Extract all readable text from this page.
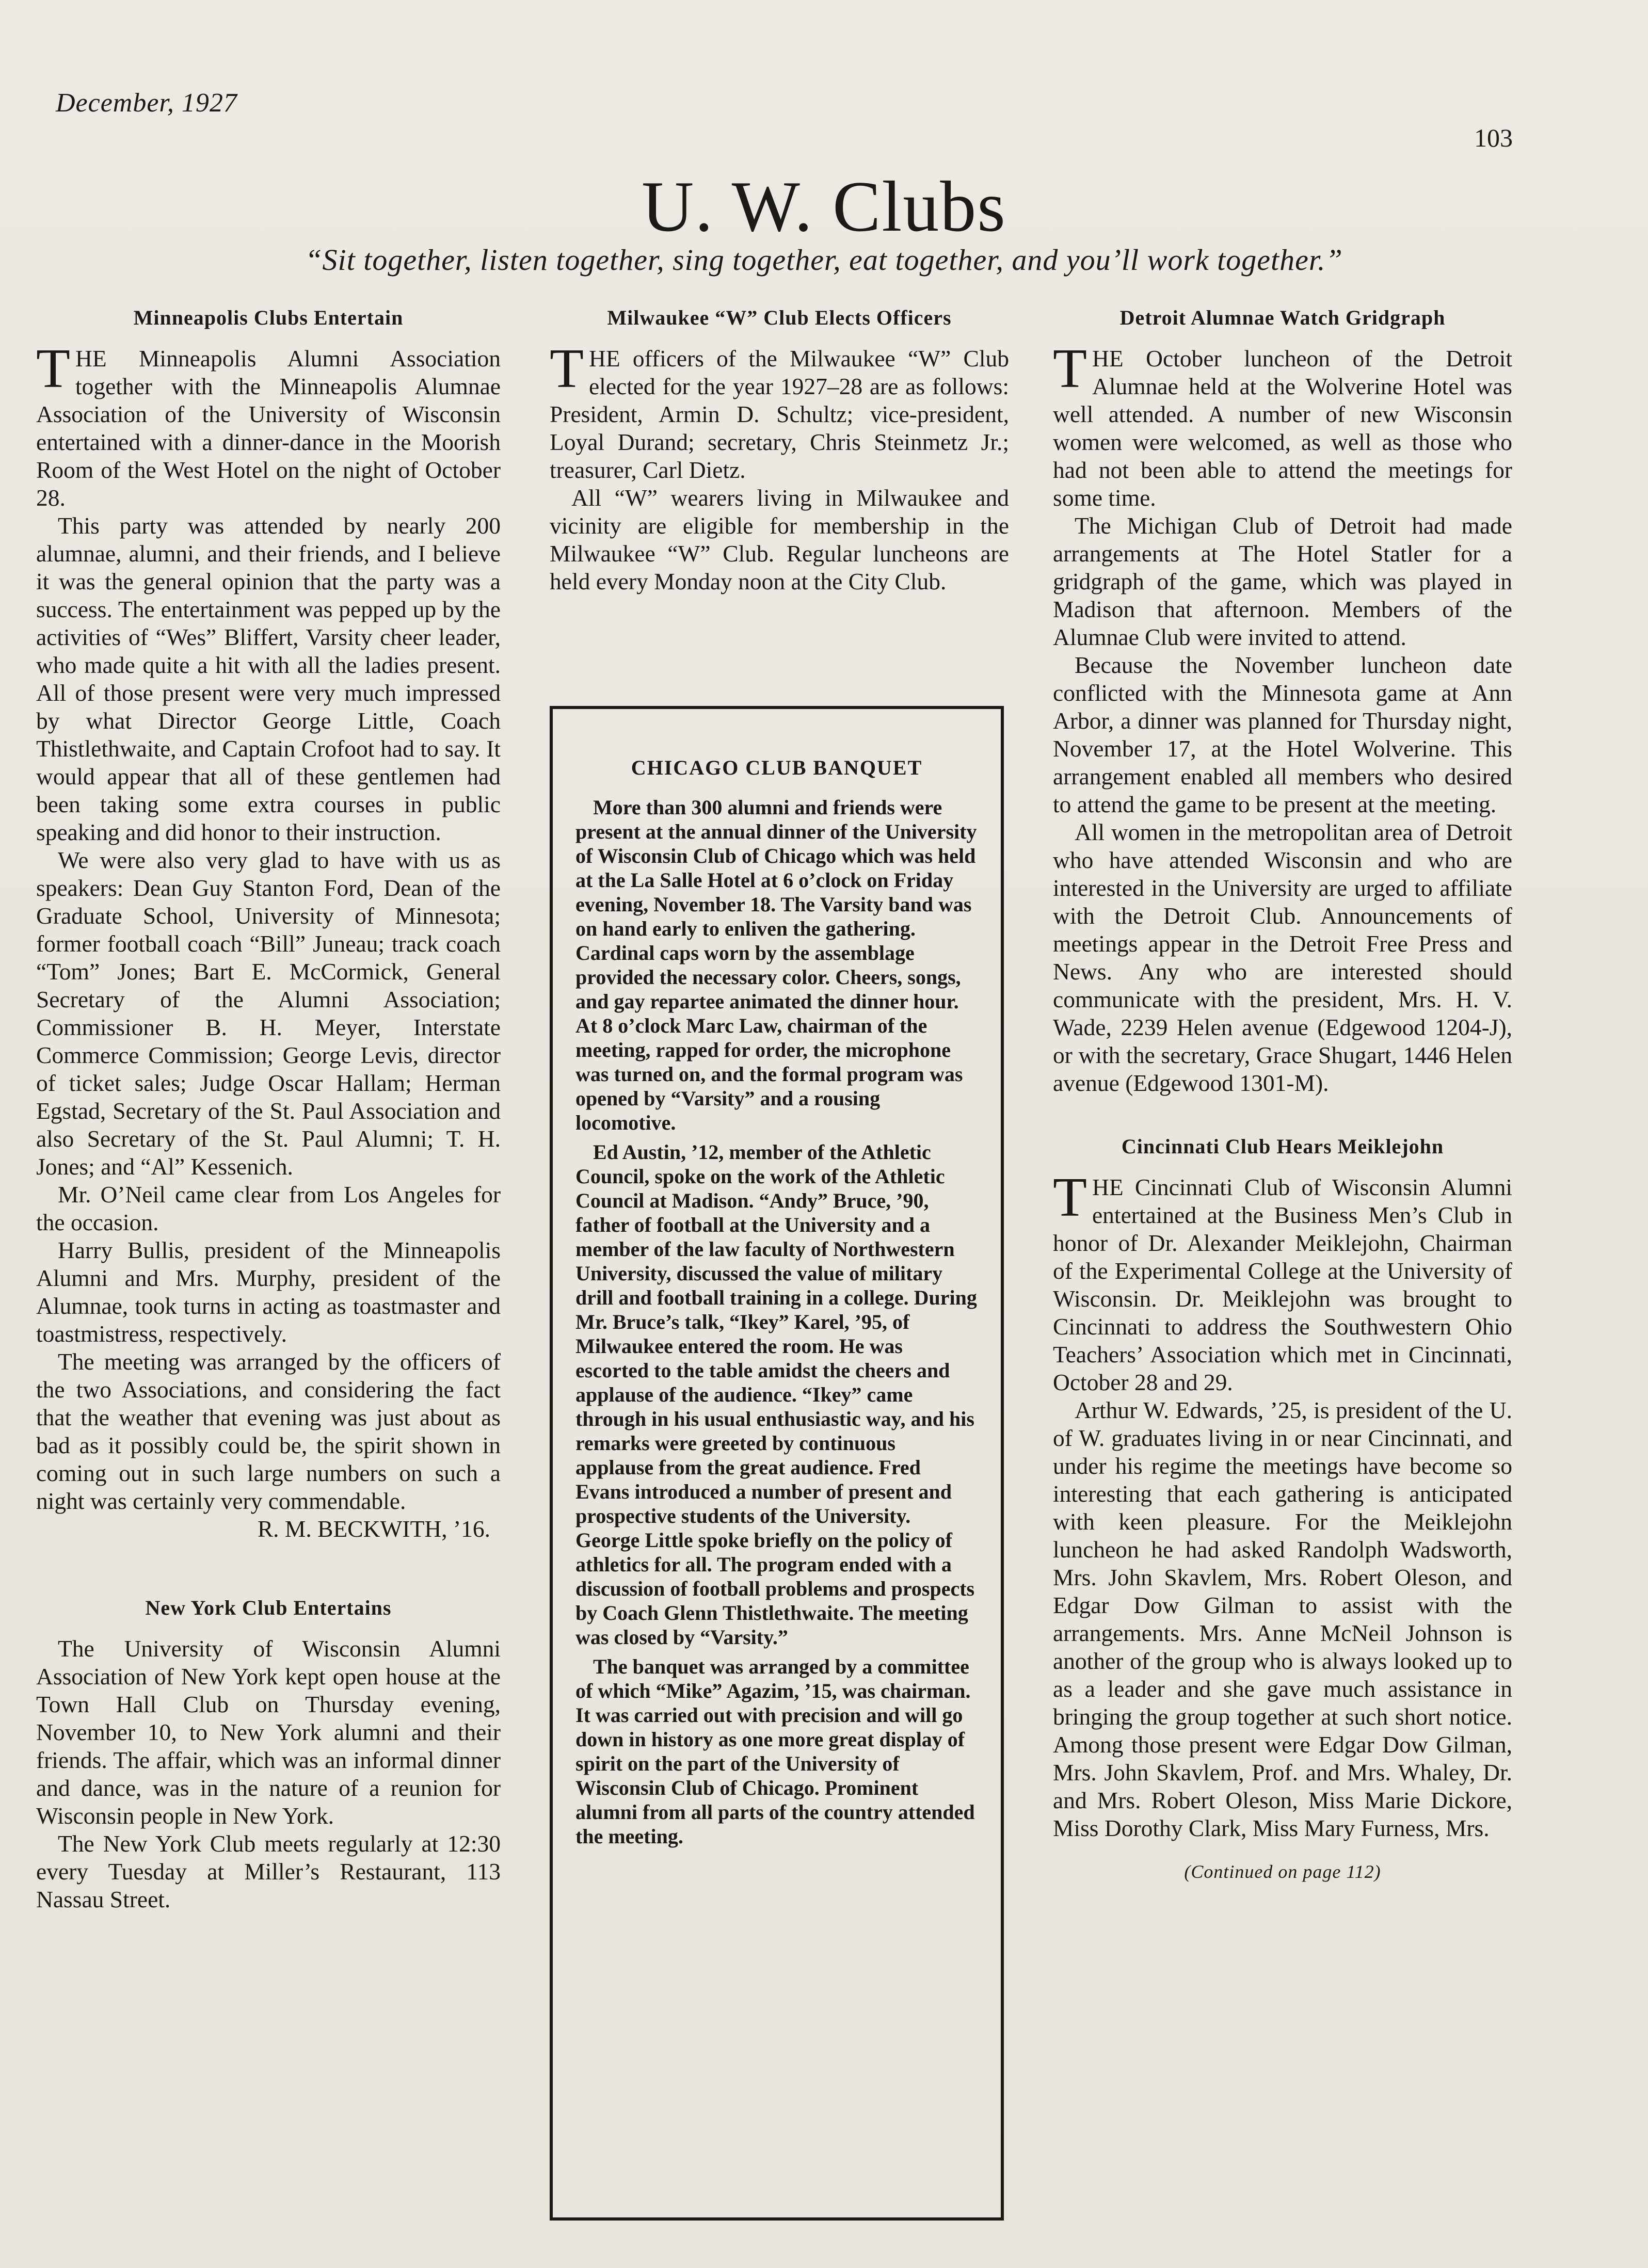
December, 1927
103
U. W. Clubs
“Sit together, listen together, sing together, eat together, and you’ll work together.”
Minneapolis Clubs Entertain

THE Minneapolis Alumni Association together with the Minneapolis Alumnae Association of the University of Wisconsin entertained with a dinner-dance in the Moorish Room of the West Hotel on the night of October 28.

This party was attended by nearly 200 alumnae, alumni, and their friends, and I believe it was the general opinion that the party was a success. The entertainment was pepped up by the activities of “Wes” Bliffert, Varsity cheer leader, who made quite a hit with all the ladies present. All of those present were very much impressed by what Director George Little, Coach Thistlethwaite, and Captain Crofoot had to say. It would appear that all of these gentlemen had been taking some extra courses in public speaking and did honor to their instruction.

We were also very glad to have with us as speakers: Dean Guy Stanton Ford, Dean of the Graduate School, University of Minnesota; former football coach “Bill” Juneau; track coach “Tom” Jones; Bart E. McCormick, General Secretary of the Alumni Association; Commissioner B. H. Meyer, Interstate Commerce Commission; George Levis, director of ticket sales; Judge Oscar Hallam; Herman Egstad, Secretary of the St. Paul Association and also Secretary of the St. Paul Alumni; T. H. Jones; and “Al” Kessenich.

Mr. O’Neil came clear from Los Angeles for the occasion.

Harry Bullis, president of the Minneapolis Alumni and Mrs. Murphy, president of the Alumnae, took turns in acting as toastmaster and toastmistress, respectively.

The meeting was arranged by the officers of the two Associations, and considering the fact that the weather that evening was just about as bad as it possibly could be, the spirit shown in coming out in such large numbers on such a night was certainly very commendable.

R. M. BECKWITH, ’16.

New York Club Entertains

The University of Wisconsin Alumni Association of New York kept open house at the Town Hall Club on Thursday evening, November 10, to New York alumni and their friends. The affair, which was an informal dinner and dance, was in the nature of a reunion for Wisconsin people in New York.

The New York Club meets regularly at 12:30 every Tuesday at Miller’s Restaurant, 113 Nassau Street.

Milwaukee “W” Club Elects Officers

THE officers of the Milwaukee “W” Club elected for the year 1927–28 are as follows: President, Armin D. Schultz; vice-president, Loyal Durand; secretary, Chris Steinmetz Jr.; treasurer, Carl Dietz.

All “W” wearers living in Milwaukee and vicinity are eligible for membership in the Milwaukee “W” Club. Regular luncheons are held every Monday noon at the City Club.

CHICAGO CLUB BANQUET

More than 300 alumni and friends were present at the annual dinner of the University of Wisconsin Club of Chicago which was held at the La Salle Hotel at 6 o’clock on Friday evening, November 18. The Varsity band was on hand early to enliven the gathering. Cardinal caps worn by the assemblage provided the necessary color. Cheers, songs, and gay repartee animated the dinner hour. At 8 o’clock Marc Law, chairman of the meeting, rapped for order, the microphone was turned on, and the formal program was opened by “Varsity” and a rousing locomotive.

Ed Austin, ’12, member of the Athletic Council, spoke on the work of the Athletic Council at Madison. “Andy” Bruce, ’90, father of football at the University and a member of the law faculty of Northwestern University, discussed the value of military drill and football training in a college. During Mr. Bruce’s talk, “Ikey” Karel, ’95, of Milwaukee entered the room. He was escorted to the table amidst the cheers and applause of the audience. “Ikey” came through in his usual enthusiastic way, and his remarks were greeted by continuous applause from the great audience. Fred Evans introduced a number of present and prospective students of the University. George Little spoke briefly on the policy of athletics for all. The program ended with a discussion of football problems and prospects by Coach Glenn Thistlethwaite. The meeting was closed by “Varsity.”

The banquet was arranged by a committee of which “Mike” Agazim, ’15, was chairman. It was carried out with precision and will go down in history as one more great display of spirit on the part of the University of Wisconsin Club of Chicago. Prominent alumni from all parts of the country attended the meeting.

Detroit Alumnae Watch Gridgraph

THE October luncheon of the Detroit Alumnae held at the Wolverine Hotel was well attended. A number of new Wisconsin women were welcomed, as well as those who had not been able to attend the meetings for some time.

The Michigan Club of Detroit had made arrangements at The Hotel Statler for a gridgraph of the game, which was played in Madison that afternoon. Members of the Alumnae Club were invited to attend.

Because the November luncheon date conflicted with the Minnesota game at Ann Arbor, a dinner was planned for Thursday night, November 17, at the Hotel Wolverine. This arrangement enabled all members who desired to attend the game to be present at the meeting.

All women in the metropolitan area of Detroit who have attended Wisconsin and who are interested in the University are urged to affiliate with the Detroit Club. Announcements of meetings appear in the Detroit Free Press and News. Any who are interested should communicate with the president, Mrs. H. V. Wade, 2239 Helen avenue (Edgewood 1204-J), or with the secretary, Grace Shugart, 1446 Helen avenue (Edgewood 1301-M).

Cincinnati Club Hears Meiklejohn

THE Cincinnati Club of Wisconsin Alumni entertained at the Business Men’s Club in honor of Dr. Alexander Meiklejohn, Chairman of the Experimental College at the University of Wisconsin. Dr. Meiklejohn was brought to Cincinnati to address the Southwestern Ohio Teachers’ Association which met in Cincinnati, October 28 and 29.

Arthur W. Edwards, ’25, is president of the U. of W. graduates living in or near Cincinnati, and under his regime the meetings have become so interesting that each gathering is anticipated with keen pleasure. For the Meiklejohn luncheon he had asked Randolph Wadsworth, Mrs. John Skavlem, Mrs. Robert Oleson, and Edgar Dow Gilman to assist with the arrangements. Mrs. Anne McNeil Johnson is another of the group who is always looked up to as a leader and she gave much assistance in bringing the group together at such short notice. Among those present were Edgar Dow Gilman, Mrs. John Skavlem, Prof. and Mrs. Whaley, Dr. and Mrs. Robert Oleson, Miss Marie Dickore, Miss Dorothy Clark, Miss Mary Furness, Mrs.

(Continued on page 112)
